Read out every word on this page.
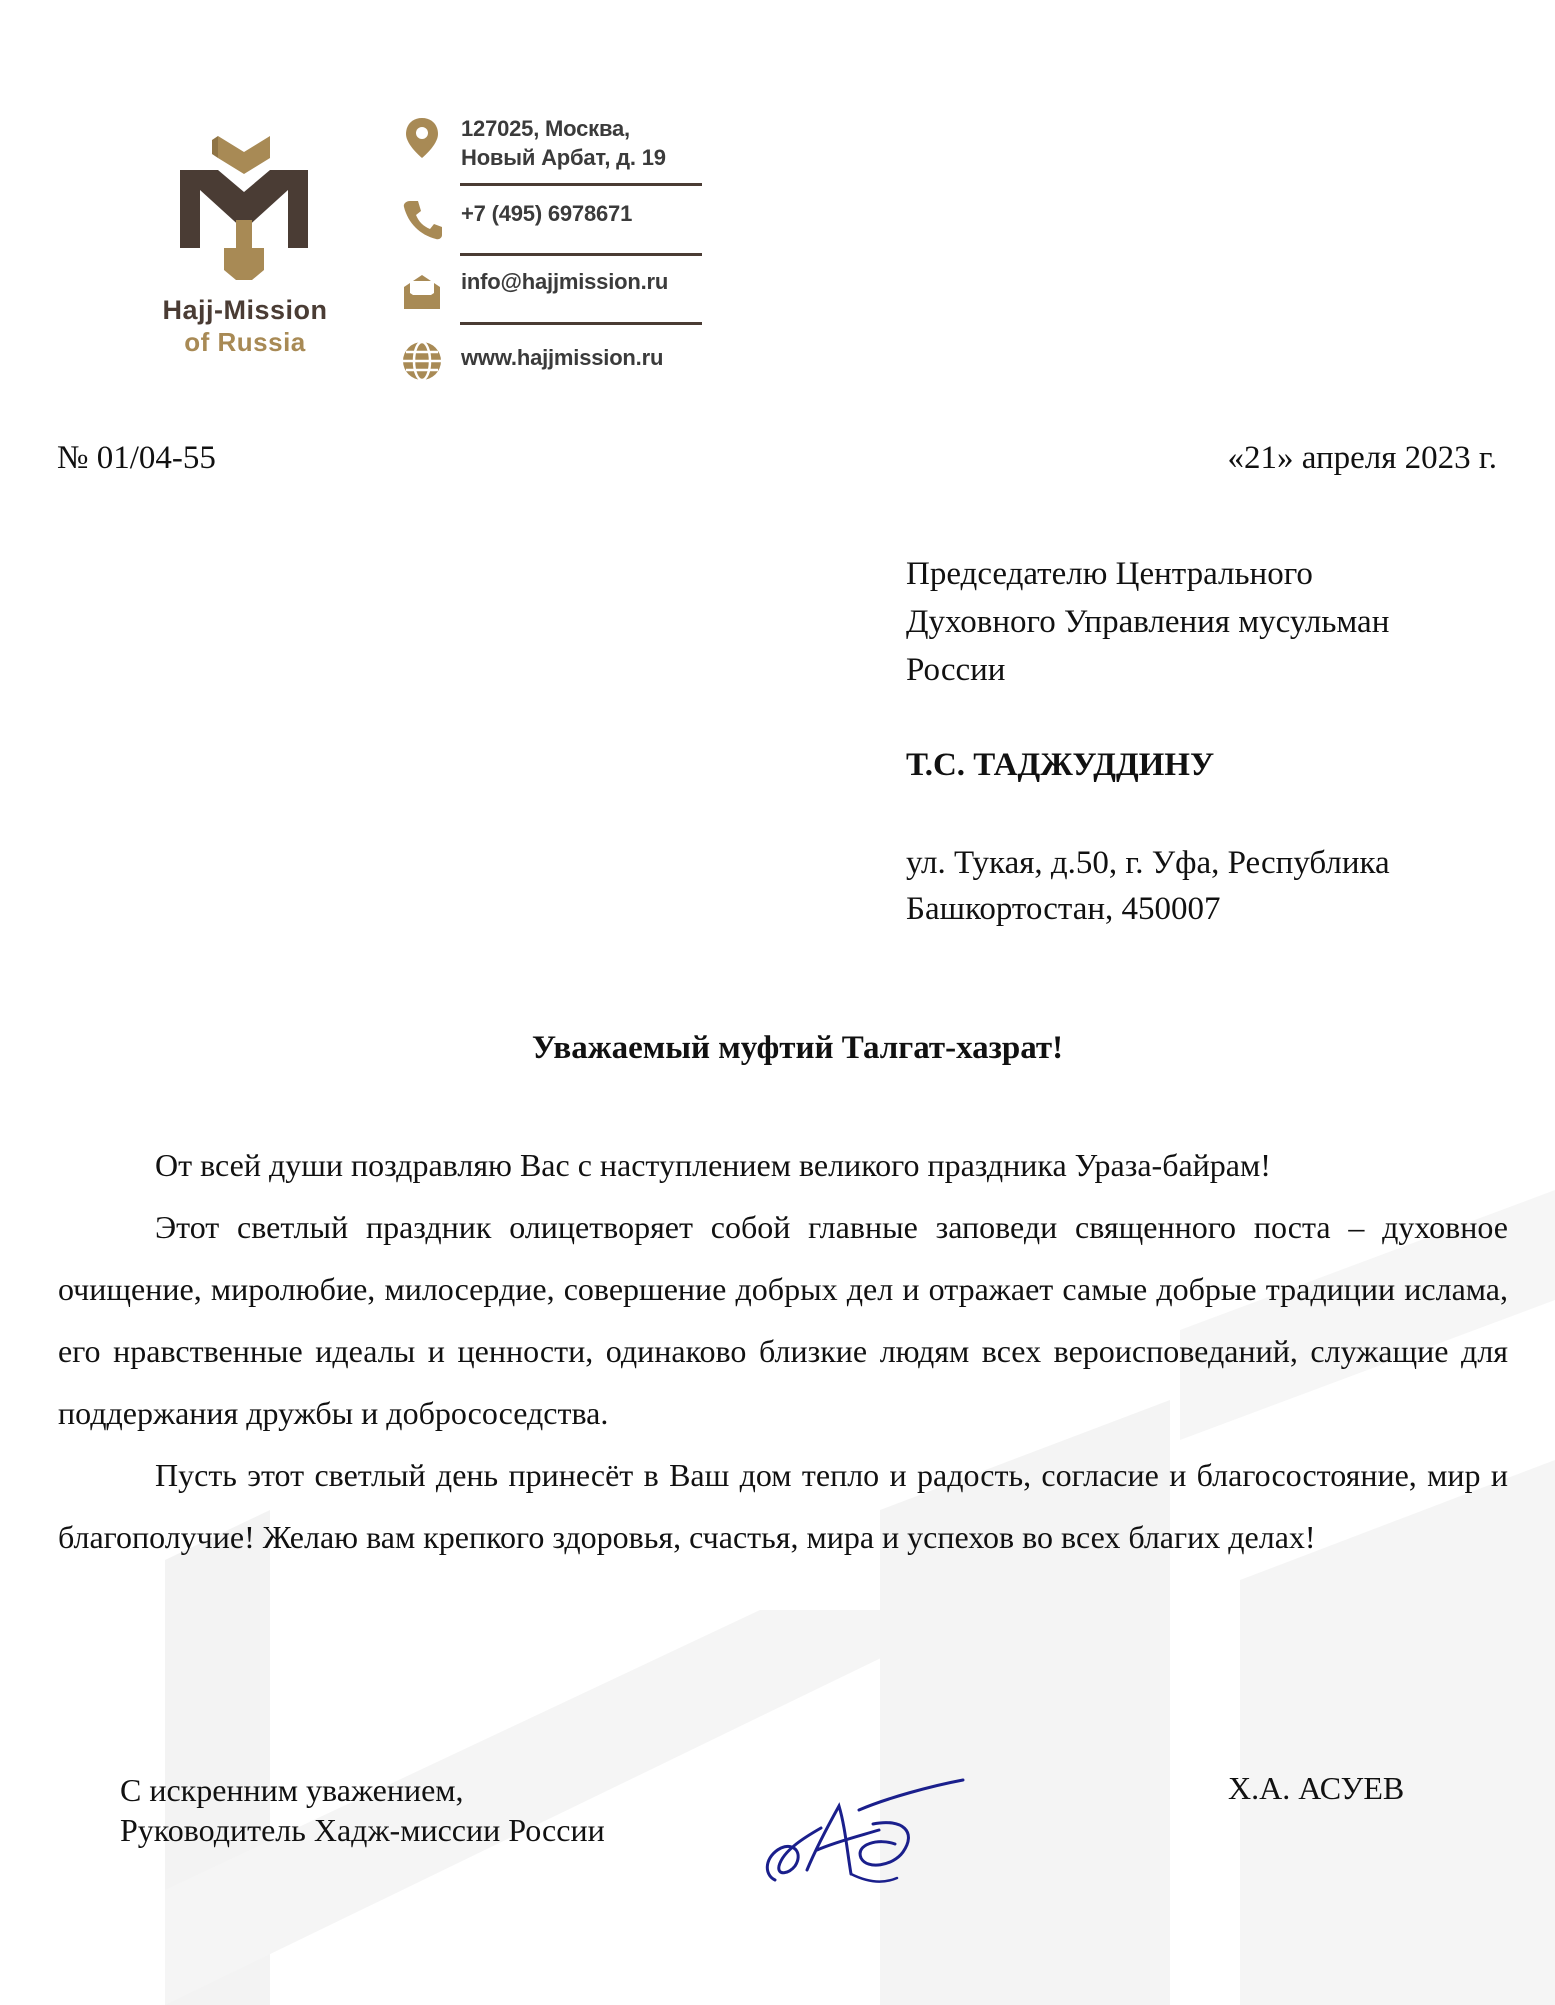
Hajj-Mission
of Russia
127025, Москва,
Новый Арбат, д. 19
+7 (495) 6978671
info@hajjmission.ru
www.hajjmission.ru
№ 01/04-55	«21» апреля 2023 г.
Председателю Центрального
Духовного Управления мусульман
России
Т.С. ТАДЖУДДИНУ
ул. Тукая, д.50, г. Уфа, Республика
Башкортостан, 450007
Уважаемый муфтий Талгат-хазрат!

От всей души поздравляю Вас с наступлением великого праздника Ураза-байрам!

Этот светлый праздник олицетворяет собой главные заповеди священного поста – духовное очищение, миролюбие, милосердие, совершение добрых дел и отражает самые добрые традиции ислама, его нравственные идеалы и ценности, одинаково близкие людям всех вероисповеданий, служащие для поддержания дружбы и добрососедства.

Пусть этот светлый день принесёт в Ваш дом тепло и радость, согласие и благосостояние, мир и благополучие! Желаю вам крепкого здоровья, счастья, мира и успехов во всех благих делах!

С искренним уважением,
Руководитель Хадж-миссии России
Х.А. АСУЕВ
